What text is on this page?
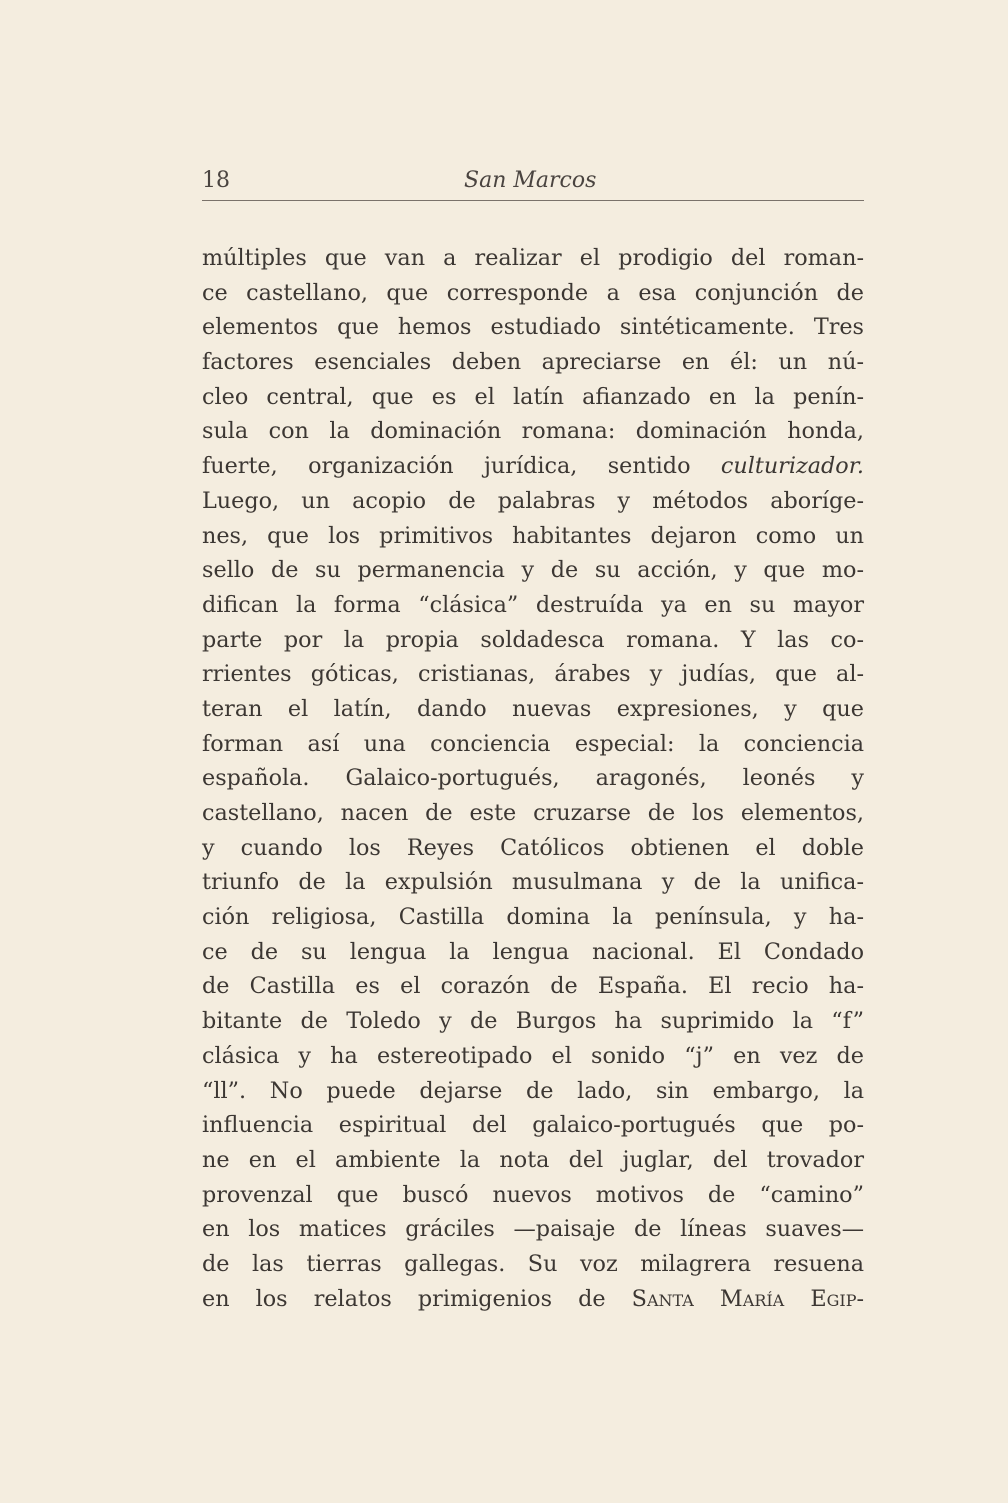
18	San Marcos
múltiples que van a realizar el prodigio del roman-
ce castellano, que corresponde a esa conjunción de
elementos que hemos estudiado sintéticamente. Tres
factores esenciales deben apreciarse en él: un nú-
cleo central, que es el latín afianzado en la penín-
sula con la dominación romana: dominación honda,
fuerte, organización jurídica, sentido culturizador.
Luego, un acopio de palabras y métodos aboríge-
nes, que los primitivos habitantes dejaron como un
sello de su permanencia y de su acción, y que mo-
difican la forma “clásica” destruída ya en su mayor
parte por la propia soldadesca romana. Y las co-
rrientes góticas, cristianas, árabes y judías, que al-
teran el latín, dando nuevas expresiones, y que
forman así una conciencia especial: la conciencia
española. Galaico-portugués, aragonés, leonés y
castellano, nacen de este cruzarse de los elementos,
y cuando los Reyes Católicos obtienen el doble
triunfo de la expulsión musulmana y de la unifica-
ción religiosa, Castilla domina la península, y ha-
ce de su lengua la lengua nacional. El Condado
de Castilla es el corazón de España. El recio ha-
bitante de Toledo y de Burgos ha suprimido la “f”
clásica y ha estereotipado el sonido “j” en vez de
“ll”. No puede dejarse de lado, sin embargo, la
influencia espiritual del galaico-portugués que po-
ne en el ambiente la nota del juglar, del trovador
provenzal que buscó nuevos motivos de “camino”
en los matices gráciles —paisaje de líneas suaves—
de las tierras gallegas. Su voz milagrera resuena
en los relatos primigenios de Santa María Egip-
